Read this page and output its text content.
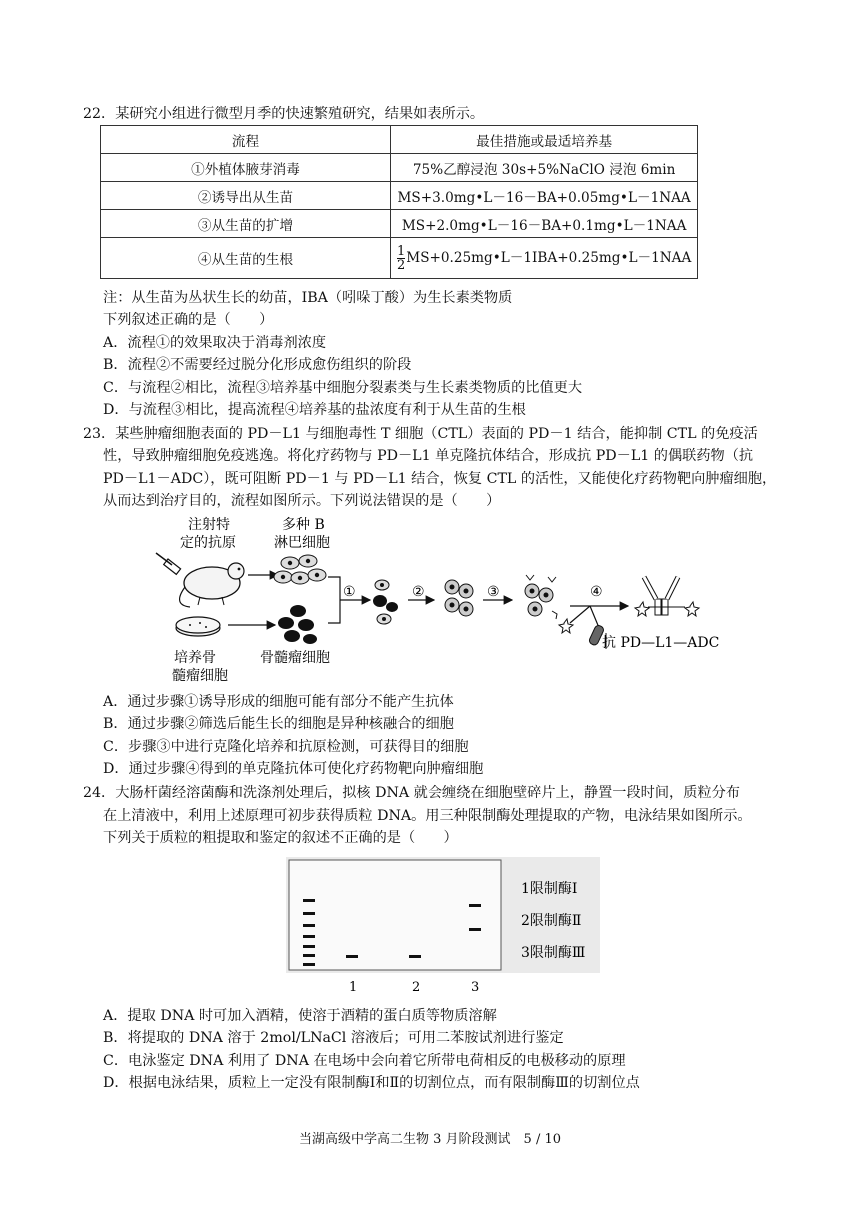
22．某研究小组进行微型月季的快速繁殖研究，结果如表所示。
流程	最佳措施或最适培养基
①外植体腋芽消毒	75%乙醇浸泡 30s+5%NaClO 浸泡 6min
②诱导出从生苗	MS+3.0mg•L－16－BA+0.05mg•L－1NAA
③从生苗的扩增	MS+2.0mg•L－16－BA+0.1mg•L－1NAA
④从生苗的生根	$\frac{1}{2}$ MS+0.25mg•L－1IBA+0.25mg•L－1NAA
注：从生苗为丛状生长的幼苗，IBA（吲哚丁酸）为生长素类物质
下列叙述正确的是（　　）
A．流程①的效果取决于消毒剂浓度
B．流程②不需要经过脱分化形成愈伤组织的阶段
C．与流程②相比，流程③培养基中细胞分裂素类与生长素类物质的比值更大
D．与流程③相比，提高流程④培养基的盐浓度有利于从生苗的生根
23．某些肿瘤细胞表面的 PD－L1 与细胞毒性 T 细胞（CTL）表面的 PD－1 结合，能抑制 CTL 的免疫活
性，导致肿瘤细胞免疫逃逸。将化疗药物与 PD－L1 单克隆抗体结合，形成抗 PD－L1 的偶联药物（抗
PD－L1－ADC），既可阻断 PD－1 与 PD－L1 结合，恢复 CTL 的活性，又能使化疗药物靶向肿瘤细胞，
从而达到治疗目的，流程如图所示。下列说法错误的是（　　）
注射特
定的抗原
多种 B
淋巴细胞
培养骨
髓瘤细胞
骨髓瘤细胞
①	②	③	④
抗 PD—L1—ADC
A．通过步骤①诱导形成的细胞可能有部分不能产生抗体
B．通过步骤②筛选后能生长的细胞是异种核融合的细胞
C．步骤③中进行克隆化培养和抗原检测，可获得目的细胞
D．通过步骤④得到的单克隆抗体可使化疗药物靶向肿瘤细胞
24．大肠杆菌经溶菌酶和洗涤剂处理后，拟核 DNA 就会缠绕在细胞壁碎片上，静置一段时间，质粒分布
在上清液中，利用上述原理可初步获得质粒 DNA。用三种限制酶处理提取的产物，电泳结果如图所示。
下列关于质粒的粗提取和鉴定的叙述不正确的是（　　）
1限制酶Ⅰ
2限制酶Ⅱ
3限制酶Ⅲ
1	2	3
A．提取 DNA 时可加入酒精，使溶于酒精的蛋白质等物质溶解
B．将提取的 DNA 溶于 2mol/LNaCl 溶液后；可用二苯胺试剂进行鉴定
C．电泳鉴定 DNA 利用了 DNA 在电场中会向着它所带电荷相反的电极移动的原理
D．根据电泳结果，质粒上一定没有限制酶Ⅰ和Ⅱ的切割位点，而有限制酶Ⅲ的切割位点
当湖高级中学高二生物 3 月阶段测试　5 / 10
